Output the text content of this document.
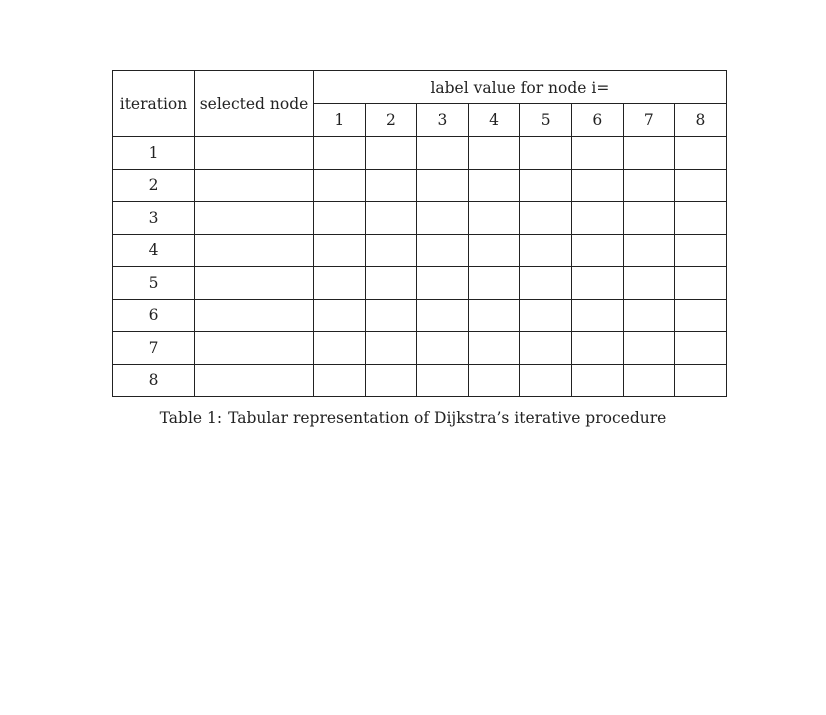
iteration	selected node	label value for node i=							
		1	2	3	4	5	6	7	8
1									
2									
3									
4									
5									
6									
7									
8									
Table 1: Tabular representation of Dijkstra’s iterative procedure
